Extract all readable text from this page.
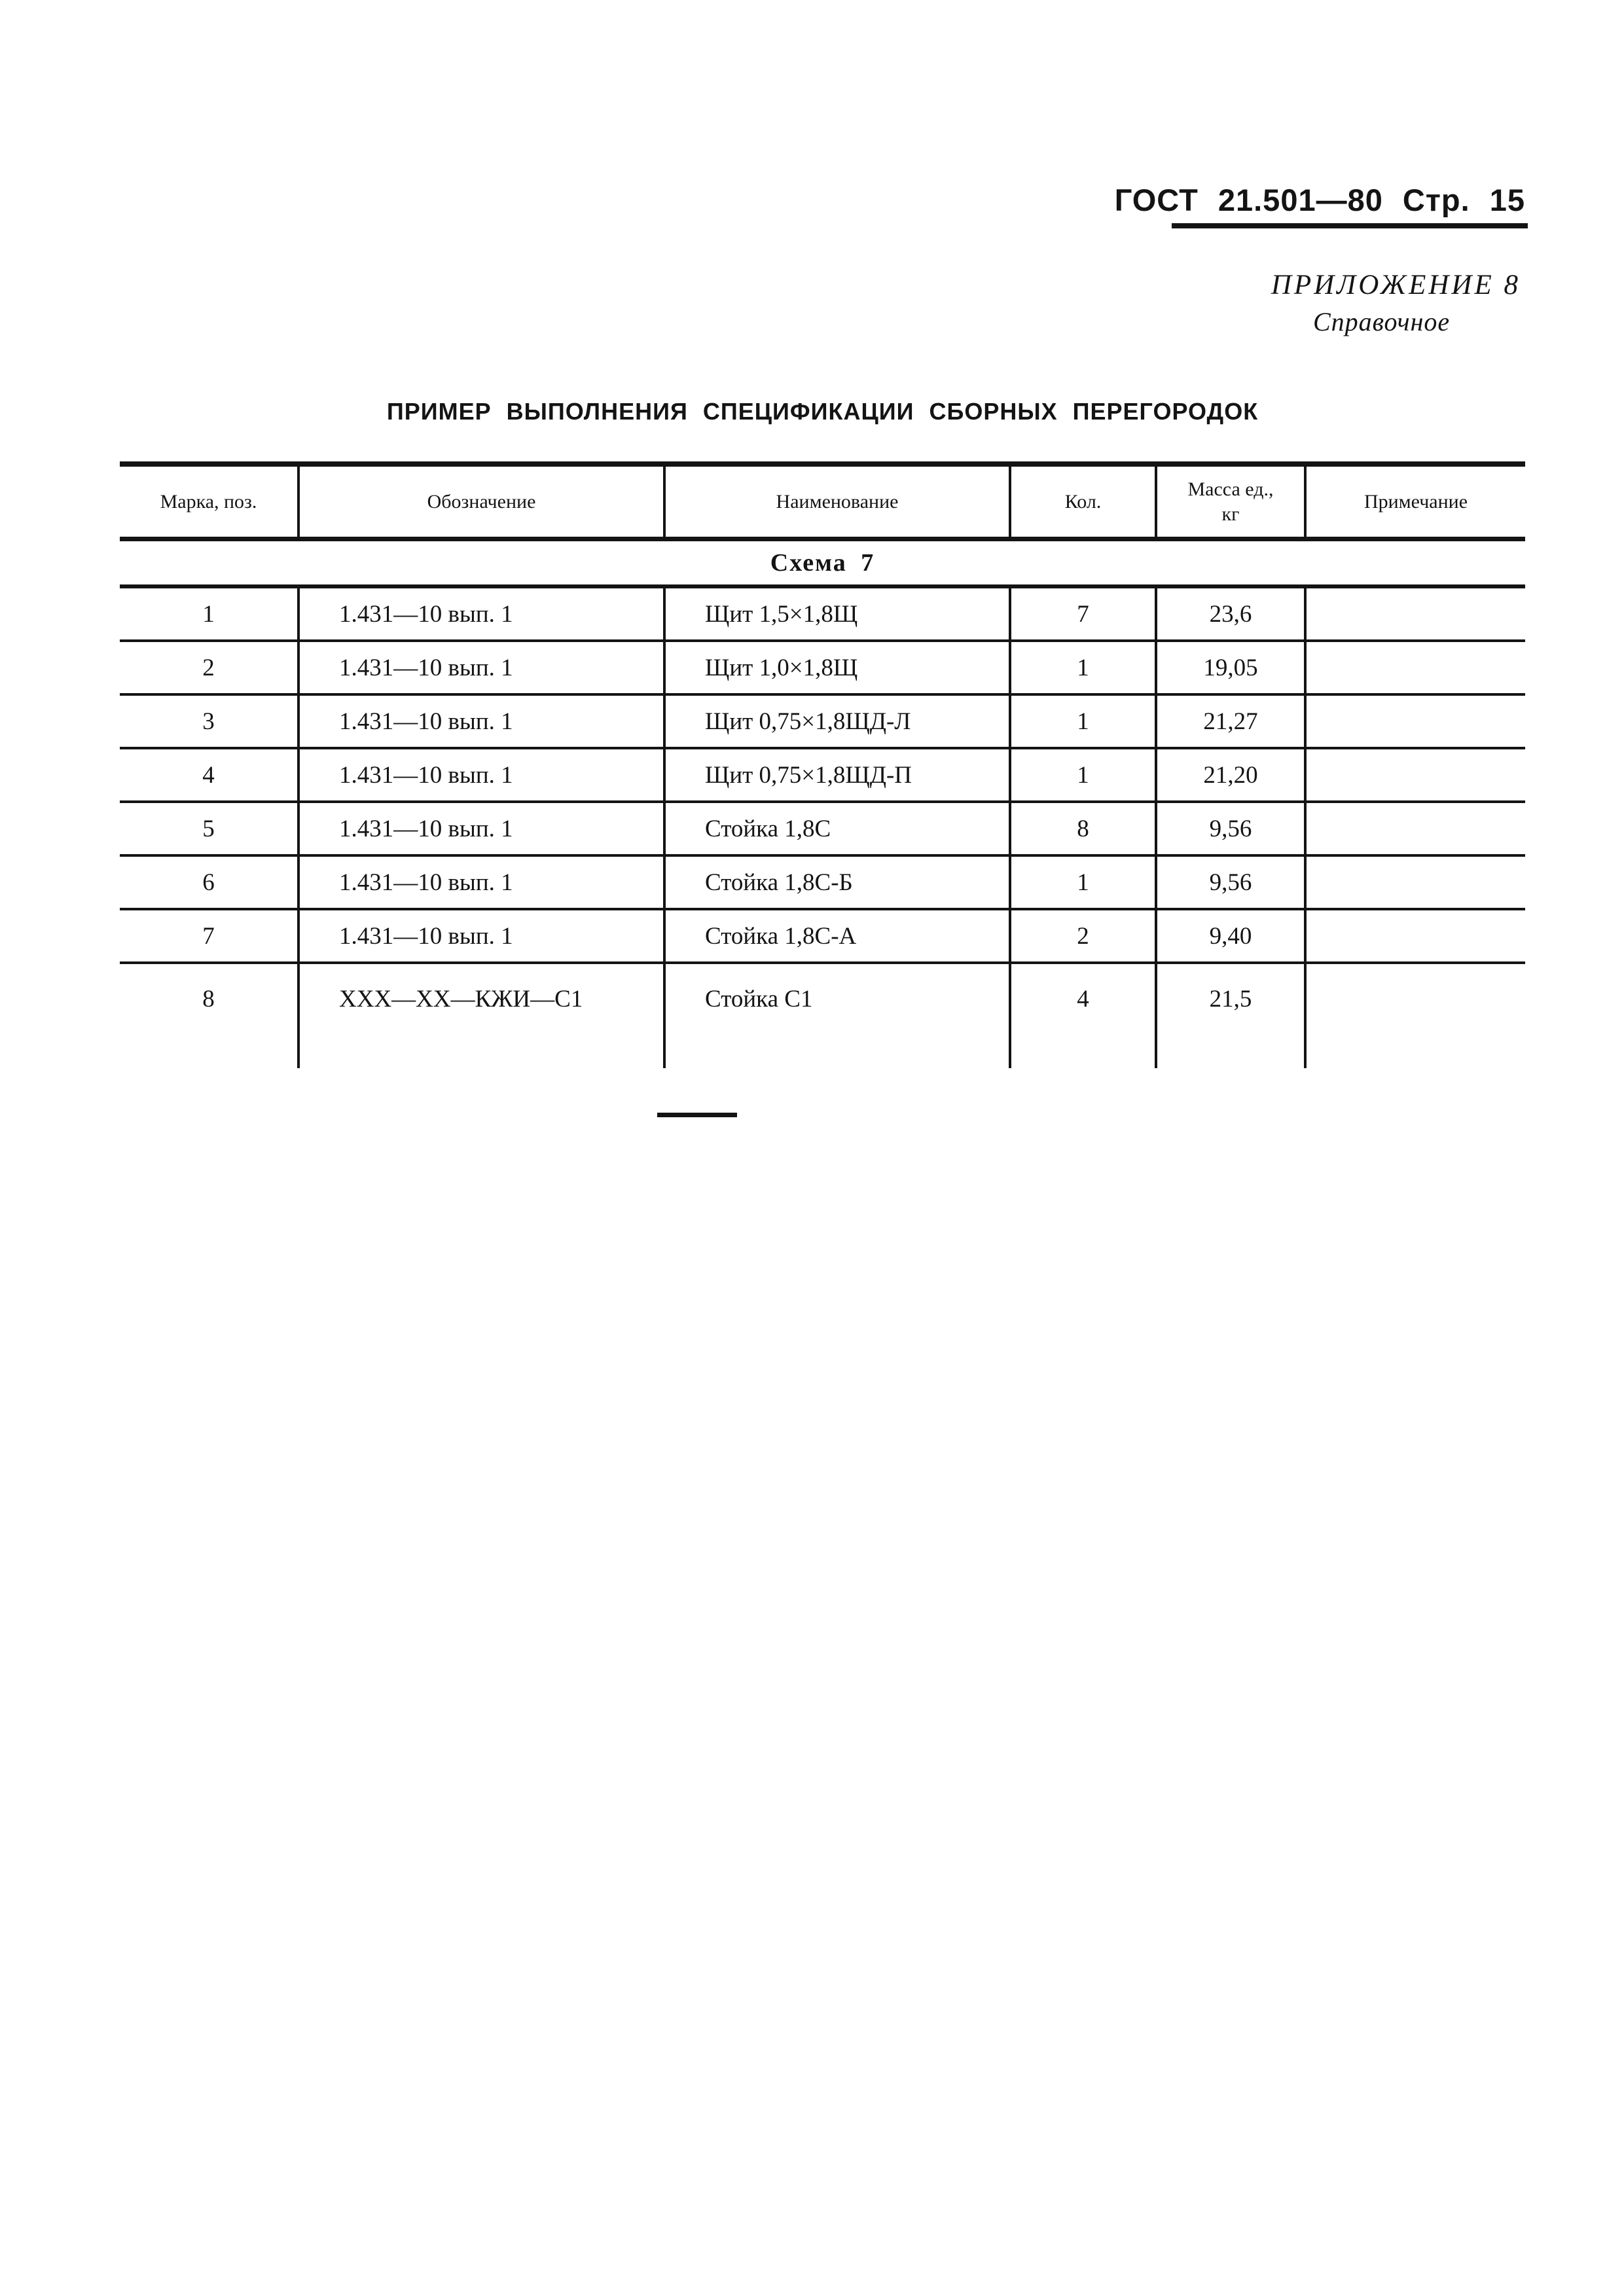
ГОСТ 21.501—80 Стр. 15
ПРИЛОЖЕНИЕ 8
Справочное
ПРИМЕР ВЫПОЛНЕНИЯ СПЕЦИФИКАЦИИ СБОРНЫХ ПЕРЕГОРОДОК
Марка, поз.	Обозначение	Наименование	Кол.	Масса ед., кг	Примечание
Схема 7					
1	1.431—10 вып. 1	Щит 1,5×1,8Щ	7	23,6	
2	1.431—10 вып. 1	Щит 1,0×1,8Щ	1	19,05	
3	1.431—10 вып. 1	Щит 0,75×1,8ЩД-Л	1	21,27	
4	1.431—10 вып. 1	Щит 0,75×1,8ЩД-П	1	21,20	
5	1.431—10 вып. 1	Стойка 1,8С	8	9,56	
6	1.431—10 вып. 1	Стойка 1,8С-Б	1	9,56	
7	1.431—10 вып. 1	Стойка 1,8С-А	2	9,40	
8	ХХХ—ХХ—КЖИ—С1	Стойка С1	4	21,5	
